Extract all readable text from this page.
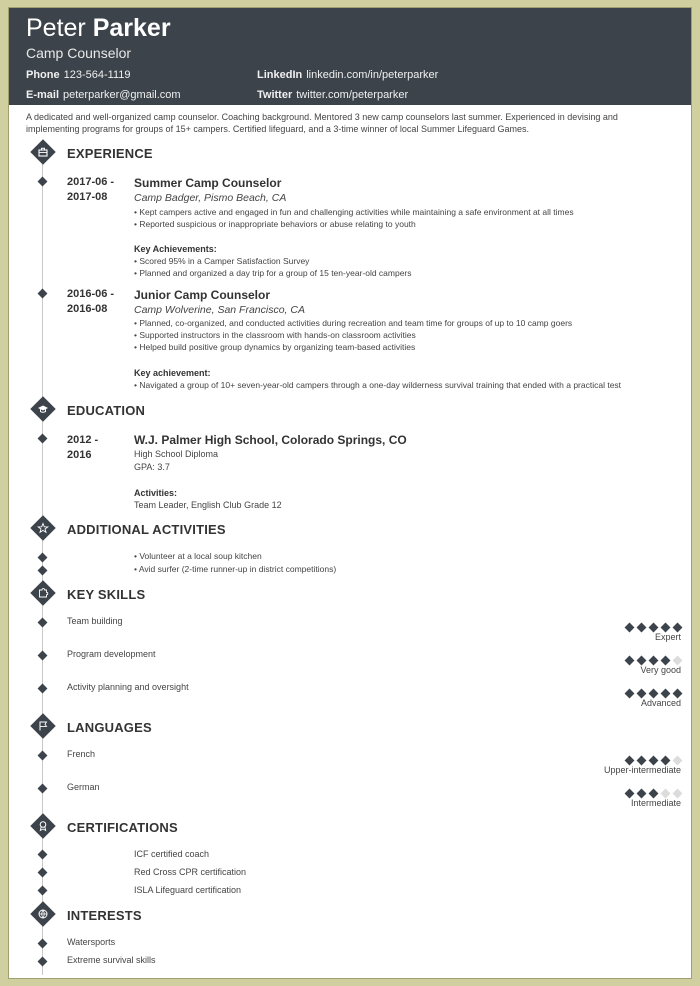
Peter Parker
Camp Counselor
Phone 123-564-1119	LinkedIn linkedin.com/in/peterparker
E-mail peterparker@gmail.com	Twitter twitter.com/peterparker
A dedicated and well-organized camp counselor. Coaching background. Mentored 3 new camp counselors last summer. Experienced in devising and implementing programs for groups of 15+ campers. Certified lifeguard, and a 3-time winner of local Summer Lifeguard Games.
EXPERIENCE
2017-06 -
2017-08
Summer Camp Counselor
Camp Badger, Pismo Beach, CA
• Kept campers active and engaged in fun and challenging activities while maintaining a safe environment at all times
• Reported suspicious or inappropriate behaviors or abuse relating to youth
Key Achievements:
• Scored 95% in a Camper Satisfaction Survey
• Planned and organized a day trip for a group of 15 ten-year-old campers
2016-06 -
2016-08
Junior Camp Counselor
Camp Wolverine, San Francisco, CA
• Planned, co-organized, and conducted activities during recreation and team time for groups of up to 10 camp goers
• Supported instructors in the classroom with hands-on classroom activities
• Helped build positive group dynamics by organizing team-based activities
Key achievement:
• Navigated a group of 10+ seven-year-old campers through a one-day wilderness survival training that ended with a practical test
EDUCATION
2012 -
2016
W.J. Palmer High School, Colorado Springs, CO
High School Diploma
GPA: 3.7
Activities:
Team Leader, English Club Grade 12
ADDITIONAL ACTIVITIES
• Volunteer at a local soup kitchen
• Avid surfer (2-time runner-up in district competitions)
KEY SKILLS
Team building
Expert
Program development
Very good
Activity planning and oversight
Advanced
LANGUAGES
French
Upper-intermediate
German
Intermediate
CERTIFICATIONS
ICF certified coach
Red Cross CPR certification
ISLA Lifeguard certification
INTERESTS
Watersports
Extreme survival skills
